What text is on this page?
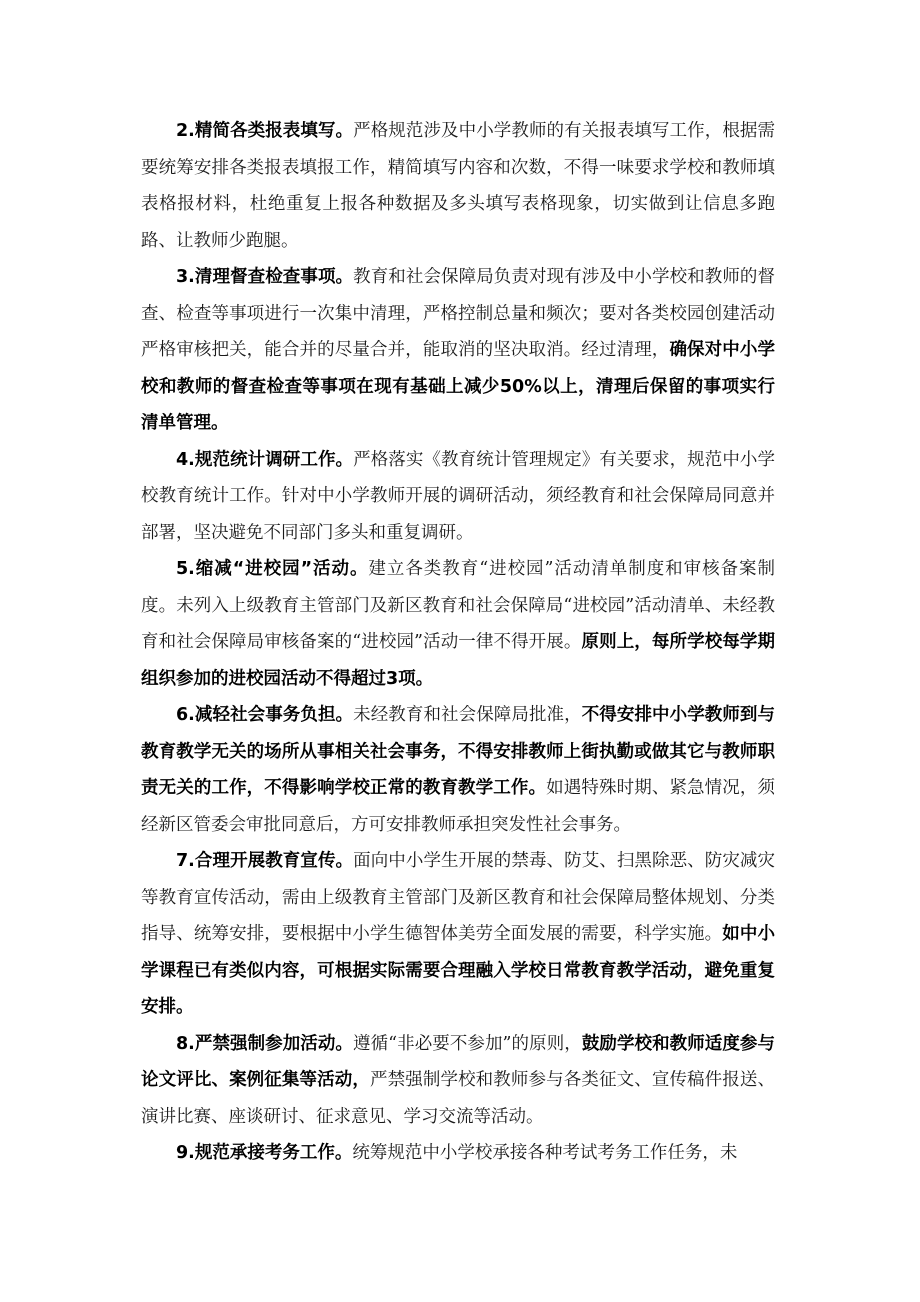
2.精简各类报表填写。严格规范涉及中小学教师的有关报表填写工作，根据需要统筹安排各类报表填报工作，精简填写内容和次数，不得一味要求学校和教师填表格报材料，杜绝重复上报各种数据及多头填写表格现象，切实做到让信息多跑路、让教师少跑腿。

3.清理督查检查事项。教育和社会保障局负责对现有涉及中小学校和教师的督查、检查等事项进行一次集中清理，严格控制总量和频次；要对各类校园创建活动严格审核把关，能合并的尽量合并，能取消的坚决取消。经过清理，确保对中小学校和教师的督查检查等事项在现有基础上减少50%以上，清理后保留的事项实行清单管理。

4.规范统计调研工作。严格落实《教育统计管理规定》有关要求，规范中小学校教育统计工作。针对中小学教师开展的调研活动，须经教育和社会保障局同意并部署，坚决避免不同部门多头和重复调研。

5.缩减“进校园”活动。建立各类教育“进校园”活动清单制度和审核备案制度。未列入上级教育主管部门及新区教育和社会保障局“进校园”活动清单、未经教育和社会保障局审核备案的“进校园”活动一律不得开展。原则上，每所学校每学期组织参加的进校园活动不得超过3项。

6.减轻社会事务负担。未经教育和社会保障局批准，不得安排中小学教师到与教育教学无关的场所从事相关社会事务，不得安排教师上街执勤或做其它与教师职责无关的工作，不得影响学校正常的教育教学工作。如遇特殊时期、紧急情况，须经新区管委会审批同意后，方可安排教师承担突发性社会事务。

7.合理开展教育宣传。面向中小学生开展的禁毒、防艾、扫黑除恶、防灾减灾等教育宣传活动，需由上级教育主管部门及新区教育和社会保障局整体规划、分类指导、统筹安排，要根据中小学生德智体美劳全面发展的需要，科学实施。如中小学课程已有类似内容，可根据实际需要合理融入学校日常教育教学活动，避免重复安排。

8.严禁强制参加活动。遵循“非必要不参加”的原则，鼓励学校和教师适度参与论文评比、案例征集等活动，严禁强制学校和教师参与各类征文、宣传稿件报送、演讲比赛、座谈研讨、征求意见、学习交流等活动。

9.规范承接考务工作。统筹规范中小学校承接各种考试考务工作任务，未
